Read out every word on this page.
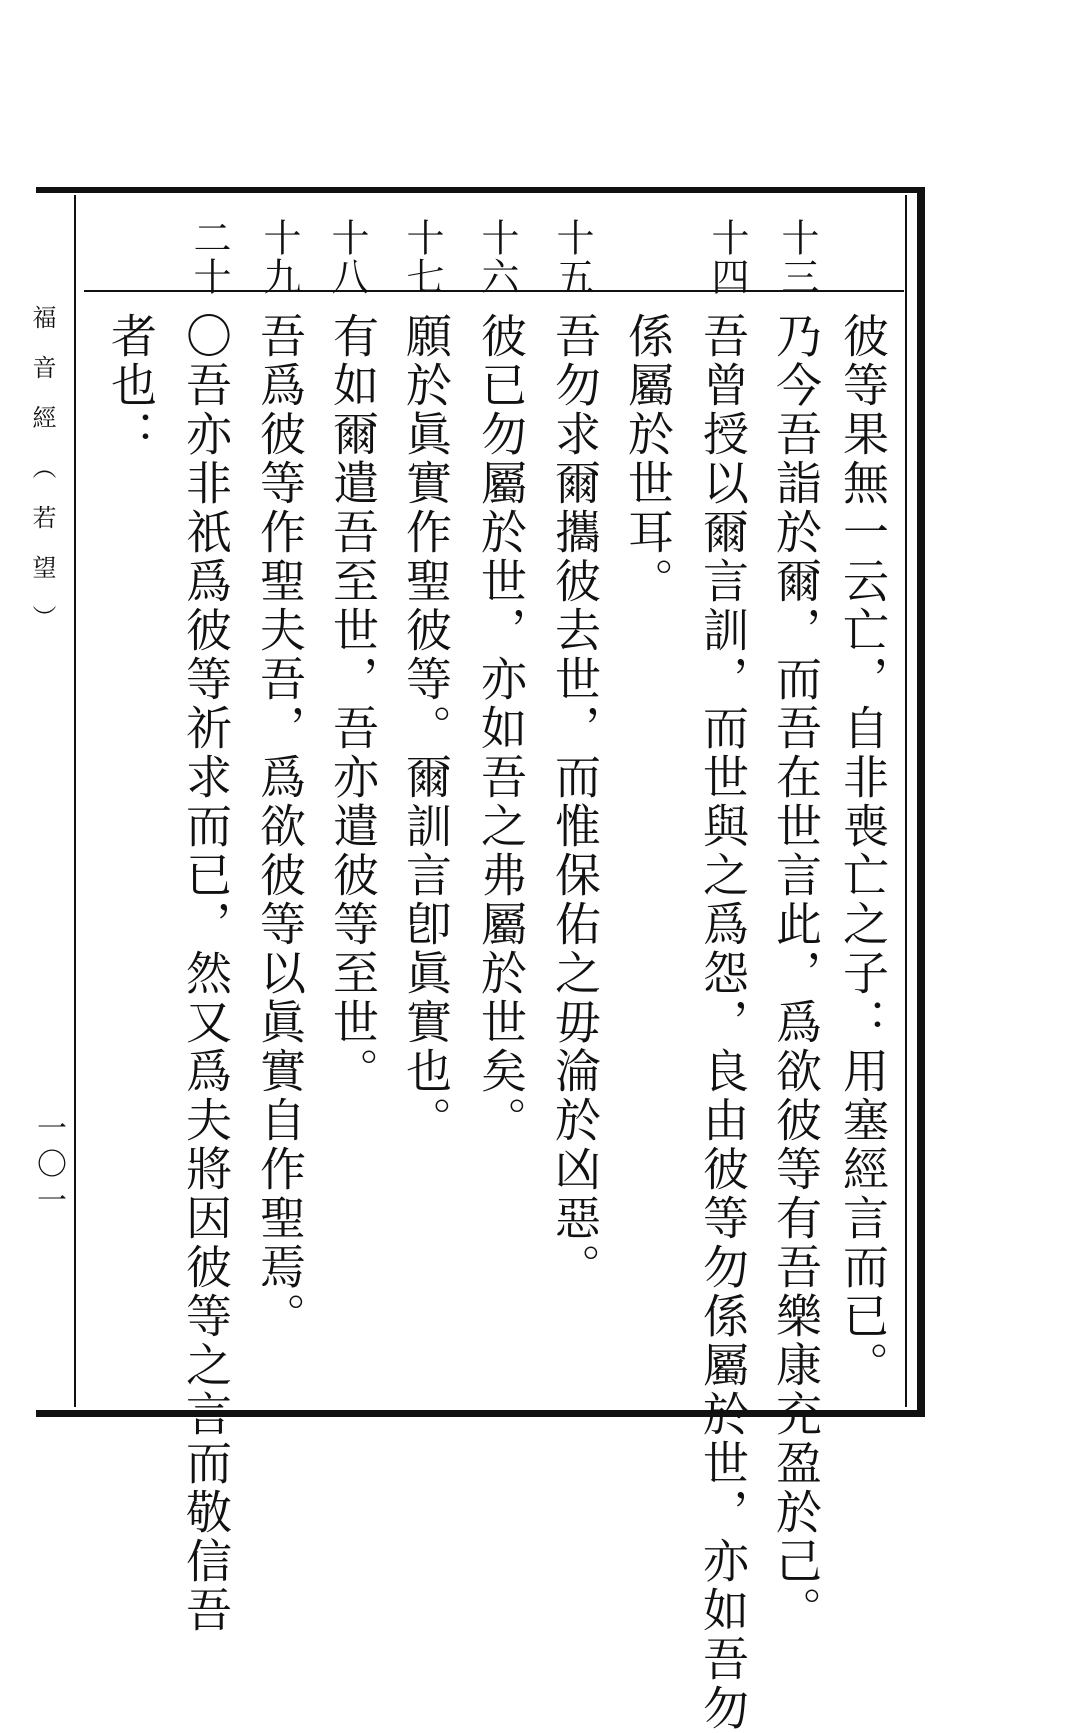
福音經（若望）
一〇一
十三
十四
十五
十六
十七
十八
十九
二十
彼等果無一云亡，自非喪亡之子：用塞經言而已。
乃今吾詣於爾，而吾在世言此，爲欲彼等有吾樂康充盈於己。
吾曾授以爾言訓，而世與之爲怨，良由彼等勿係屬於世，亦如吾勿
係屬於世耳。
吾勿求爾攜彼去世，而惟保佑之毋淪於凶惡。
彼已勿屬於世，亦如吾之弗屬於世矣。
願於眞實作聖彼等。爾訓言卽眞實也。
有如爾遣吾至世，吾亦遣彼等至世。
吾爲彼等作聖夫吾，爲欲彼等以眞實自作聖焉。
〇吾亦非祇爲彼等祈求而已，然又爲夫將因彼等之言而敬信吾
者也：
